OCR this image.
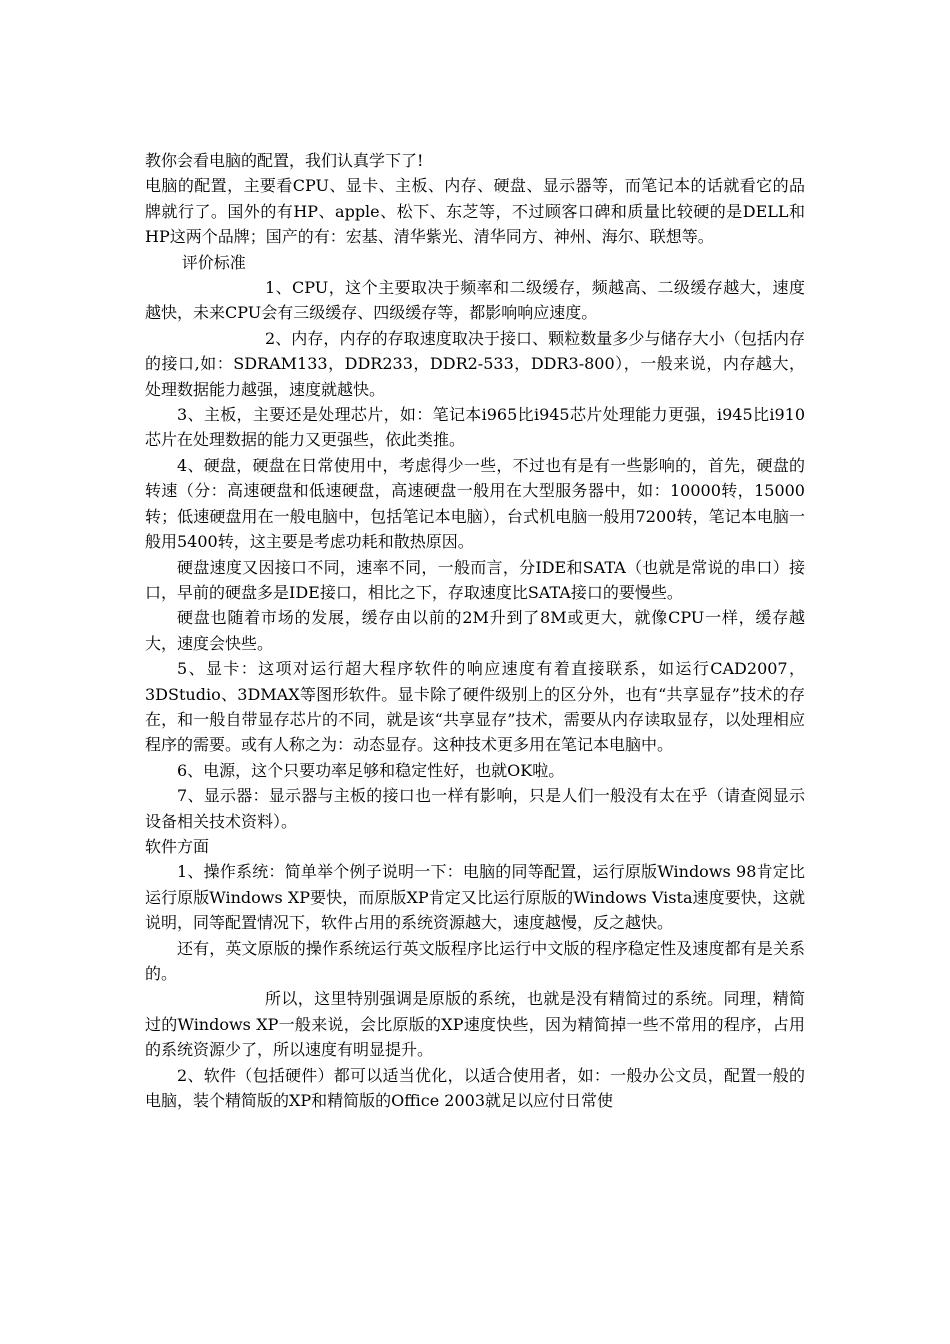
教你会看电脑的配置，我们认真学下了!

电脑的配置，主要看CPU、显卡、主板、内存、硬盘、显示器等，而笔记本的话就看它的品牌就行了。国外的有HP、apple、松下、东芝等，不过顾客口碑和质量比较硬的是DELL和HP这两个品牌；国产的有：宏基、清华紫光、清华同方、神州、海尔、联想等。

评价标准

1、CPU，这个主要取决于频率和二级缓存，频越高、二级缓存越大，速度越快，未来CPU会有三级缓存、四级缓存等，都影响响应速度。

2、内存，内存的存取速度取决于接口、颗粒数量多少与储存大小（包括内存的接口,如：SDRAM133，DDR233，DDR2-533，DDR3-800），一般来说，内存越大，处理数据能力越强，速度就越快。

3、主板，主要还是处理芯片，如：笔记本i965比i945芯片处理能力更强，i945比i910芯片在处理数据的能力又更强些，依此类推。

4、硬盘，硬盘在日常使用中，考虑得少一些，不过也有是有一些影响的，首先，硬盘的转速（分：高速硬盘和低速硬盘，高速硬盘一般用在大型服务器中，如：10000转，15000转；低速硬盘用在一般电脑中，包括笔记本电脑），台式机电脑一般用7200转，笔记本电脑一般用5400转，这主要是考虑功耗和散热原因。

硬盘速度又因接口不同，速率不同，一般而言，分IDE和SATA（也就是常说的串口）接口，早前的硬盘多是IDE接口，相比之下，存取速度比SATA接口的要慢些。

硬盘也随着市场的发展，缓存由以前的2M升到了8M或更大，就像CPU一样，缓存越大，速度会快些。

5、显卡：这项对运行超大程序软件的响应速度有着直接联系，如运行CAD2007，3DStudio、3DMAX等图形软件。显卡除了硬件级别上的区分外，也有“共享显存”技术的存在，和一般自带显存芯片的不同，就是该“共享显存”技术，需要从内存读取显存，以处理相应程序的需要。或有人称之为：动态显存。这种技术更多用在笔记本电脑中。

6、电源，这个只要功率足够和稳定性好，也就OK啦。

7、显示器：显示器与主板的接口也一样有影响，只是人们一般没有太在乎（请查阅显示设备相关技术资料）。

软件方面

1、操作系统：简单举个例子说明一下：电脑的同等配置，运行原版Windows 98肯定比运行原版Windows XP要快，而原版XP肯定又比运行原版的Windows Vista速度要快，这就说明，同等配置情况下，软件占用的系统资源越大，速度越慢，反之越快。

还有，英文原版的操作系统运行英文版程序比运行中文版的程序稳定性及速度都有是关系的。

所以，这里特别强调是原版的系统，也就是没有精简过的系统。同理，精简过的Windows XP一般来说，会比原版的XP速度快些，因为精简掉一些不常用的程序，占用的系统资源少了，所以速度有明显提升。

2、软件（包括硬件）都可以适当优化，以适合使用者，如：一般办公文员，配置一般的电脑，装个精简版的XP和精简版的Office 2003就足以应付日常使
